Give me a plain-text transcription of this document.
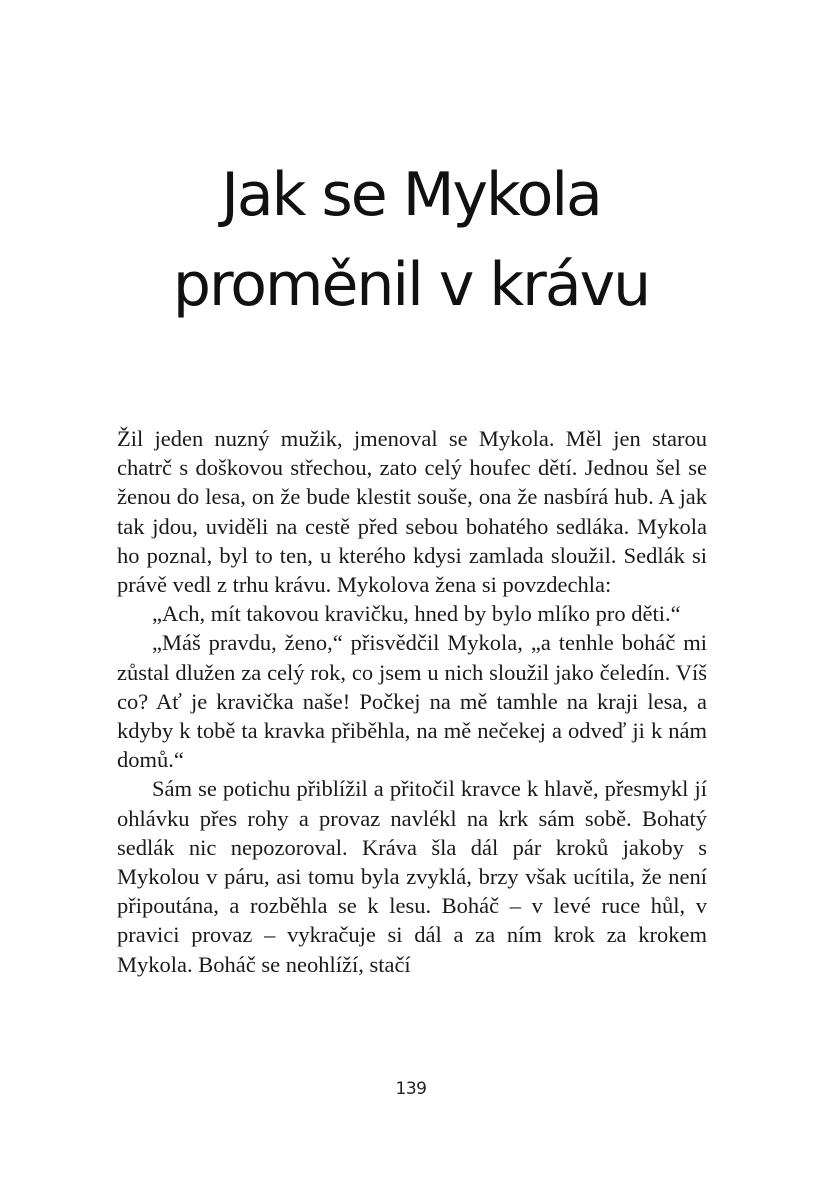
Jak se Mykola
proměnil v krávu

Žil jeden nuzný mužik, jmenoval se Mykola. Měl jen starou chatrč s doškovou střechou, zato celý houfec dětí. Jednou šel se ženou do lesa, on že bude klestit souše, ona že nasbírá hub. A jak tak jdou, uviděli na cestě před sebou bohatého sedláka. Mykola ho poznal, byl to ten, u kterého kdysi zamlada sloužil. Sedlák si právě vedl z trhu krávu. Mykolova žena si povzdechla:

„Ach, mít takovou kravičku, hned by bylo mlíko pro děti.“

„Máš pravdu, ženo,“ přisvědčil Mykola, „a tenhle boháč mi zůstal dlužen za celý rok, co jsem u nich sloužil jako čeledín. Víš co? Ať je kravička naše! Počkej na mě tamhle na kraji lesa, a kdyby k tobě ta kravka přiběhla, na mě nečekej a odveď ji k nám domů.“

Sám se potichu přiblížil a přitočil kravce k hlavě, přesmykl jí ohlávku přes rohy a provaz navlékl na krk sám sobě. Bohatý sedlák nic nepozoroval. Kráva šla dál pár kroků jakoby s Mykolou v páru, asi tomu byla zvyklá, brzy však ucítila, že není připoutána, a rozběhla se k lesu. Boháč – v levé ruce hůl, v pravici provaz – vykračuje si dál a za ním krok za krokem Mykola. Boháč se neohlíží, stačí

139
